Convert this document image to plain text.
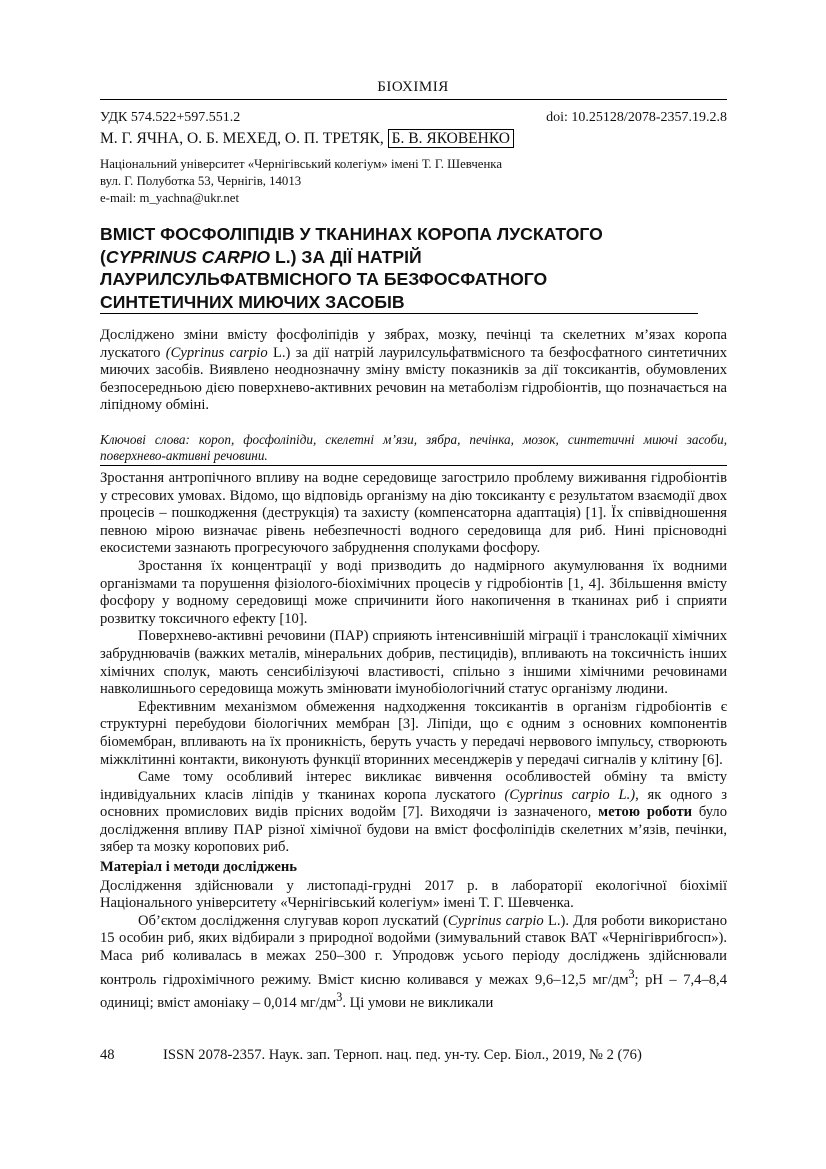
БІОХІМІЯ
УДК 574.522+597.551.2	doi: 10.25128/2078-2357.19.2.8
М. Г. ЯЧНА, О. Б. МЕХЕД, О. П. ТРЕТЯК, Б. В. ЯКОВЕНКО
Національний університет «Чернігівський колегіум» імені Т. Г. Шевченка
вул. Г. Полуботка 53, Чернігів, 14013
e-mail: m_yachna@ukr.net
ВМІСТ ФОСФОЛІПІДІВ У ТКАНИНАХ КОРОПА ЛУСКАТОГО
(CYPRINUS CARPIO L.) ЗА ДІЇ НАТРІЙ
ЛАУРИЛСУЛЬФАТВМІСНОГО ТА БЕЗФОСФАТНОГО
СИНТЕТИЧНИХ МИЮЧИХ ЗАСОБІВ
Досліджено зміни вмісту фосфоліпідів у зябрах, мозку, печінці та скелетних м’язах коропа лускатого (Cyprinus carpio L.) за дії натрій лаурилсульфатвмісного та безфосфатного синтетичних миючих засобів. Виявлено неоднозначну зміну вмісту показників за дії токсикантів, обумовлених безпосередньою дією поверхнево-активних речовин на метаболізм гідробіонтів, що позначається на ліпідному обміні.
Ключові слова: короп, фосфоліпіди, скелетні м’язи, зябра, печінка, мозок, синтетичні миючі засоби, поверхнево-активні речовини.

Зростання антропічного впливу на водне середовище загострило проблему виживання гідробіонтів у стресових умовах. Відомо, що відповідь організму на дію токсиканту є результатом взаємодії двох процесів – пошкодження (деструкція) та захисту (компенсаторна адаптація) [1]. Їх співвідношення певною мірою визначає рівень небезпечності водного середовища для риб. Нині прісноводні екосистеми зазнають прогресуючого забруднення сполуками фосфору.

Зростання їх концентрації у воді призводить до надмірного акумулювання їх водними організмами та порушення фізіолого-біохімічних процесів у гідробіонтів [1, 4]. Збільшення вмісту фосфору у водному середовищі може спричинити його накопичення в тканинах риб і сприяти розвитку токсичного ефекту [10].

Поверхнево-активні речовини (ПАР) сприяють інтенсивнішій міграції і транслокації хімічних забруднювачів (важких металів, мінеральних добрив, пестицидів), впливають на токсичність інших хімічних сполук, мають сенсибілізуючі властивості, спільно з іншими хімічними речовинами навколишнього середовища можуть змінювати імунобіологічний статус організму людини.

Ефективним механізмом обмеження надходження токсикантів в організм гідробіонтів є структурні перебудови біологічних мембран [3]. Ліпіди, що є одним з основних компонентів біомембран, впливають на їх проникність, беруть участь у передачі нервового імпульсу, створюють міжклітинні контакти, виконують функції вторинних месенджерів у передачі сигналів у клітину [6].

Саме тому особливий інтерес викликає вивчення особливостей обміну та вмісту індивідуальних класів ліпідів у тканинах коропа лускатого (Cyprinus carpio L.), як одного з основних промислових видів прісних водойм [7]. Виходячи із зазначеного, метою роботи було дослідження впливу ПАР різної хімічної будови на вміст фосфоліпідів скелетних м’язів, печінки, зябер та мозку коропових риб.

Матеріал і методи досліджень

Дослідження здійснювали у листопаді-грудні 2017 р. в лабораторії екологічної біохімії Національного університету «Чернігівський колегіум» імені Т. Г. Шевченка.

Об’єктом дослідження слугував короп лускатий (Cyprinus carpio L.). Для роботи використано 15 особин риб, яких відбирали з природної водойми (зимувальний ставок ВАТ «Чернігіврибгосп»). Маса риб коливалась в межах 250–300 г. Упродовж усього періоду досліджень здійснювали контроль гідрохімічного режиму. Вміст кисню коливався у межах 9,6–12,5 $мг/дм^3$; рН – 7,4–8,4 одиниці; вміст амоніаку – 0,014 $мг/дм^3$. Ці умови не викликали

48	ISSN 2078-2357. Наук. зап. Терноп. нац. пед. ун-ту. Сер. Біол., 2019, № 2 (76)
